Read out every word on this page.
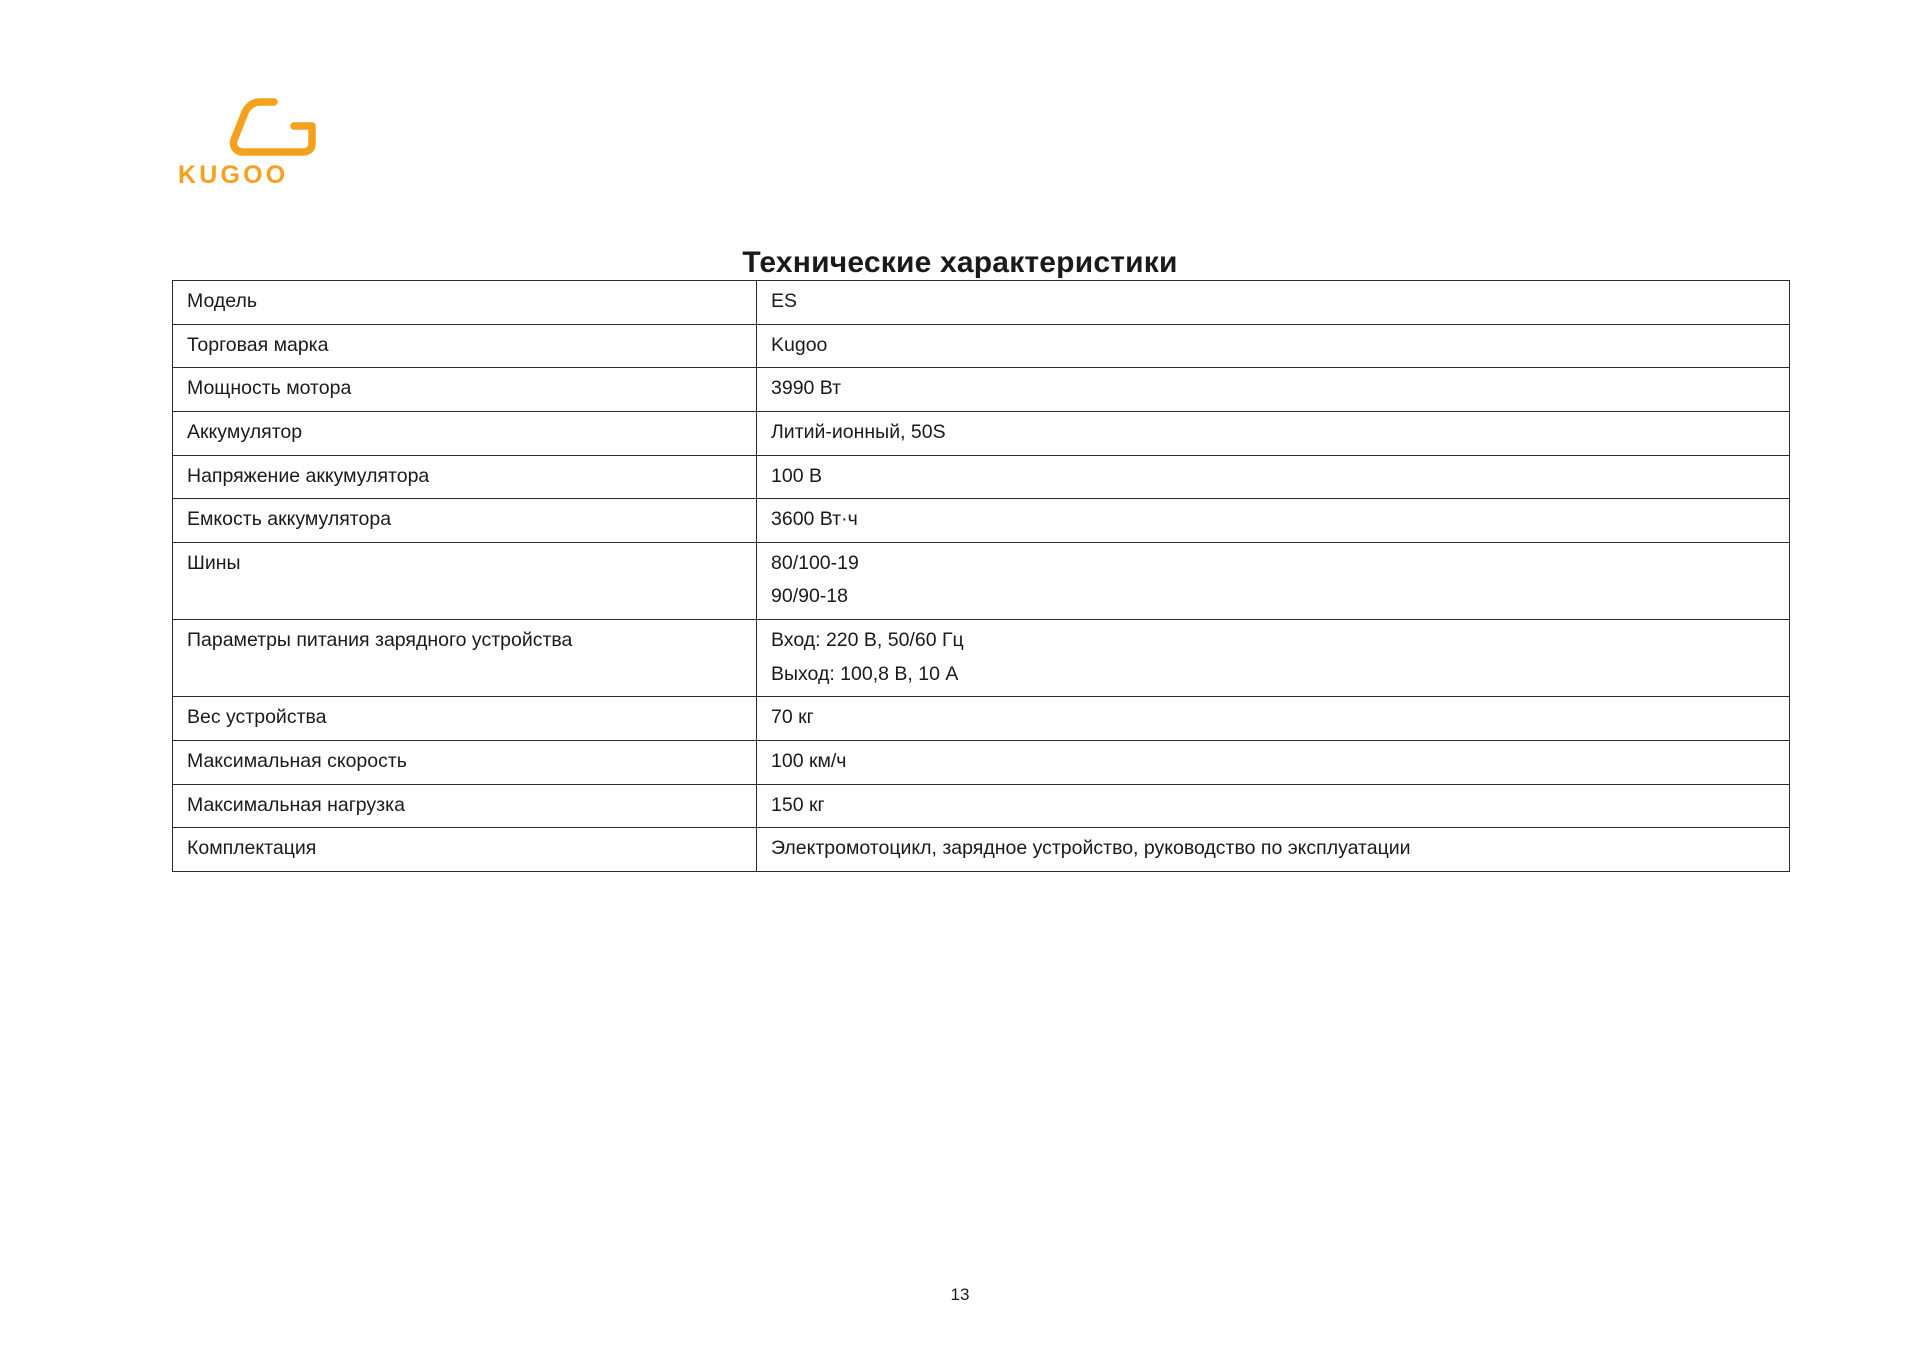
KUGOO
Технические характеристики
Модель	ES

Торговая марка	Kugoo

Мощность мотора	3990 Вт

Аккумулятор	Литий-ионный, 50S

Напряжение аккумулятора	100 В

Емкость аккумулятора	3600 Вт·ч

Шины	80/100-19
90/90-18

Параметры питания зарядного устройства	Вход: 220 В, 50/60 Гц
Выход: 100,8 В, 10 А

Вес устройства	70 кг

Максимальная скорость	100 км/ч

Максимальная нагрузка	150 кг

Комплектация	Электромотоцикл, зарядное устройство, руководство по эксплуатации
13
